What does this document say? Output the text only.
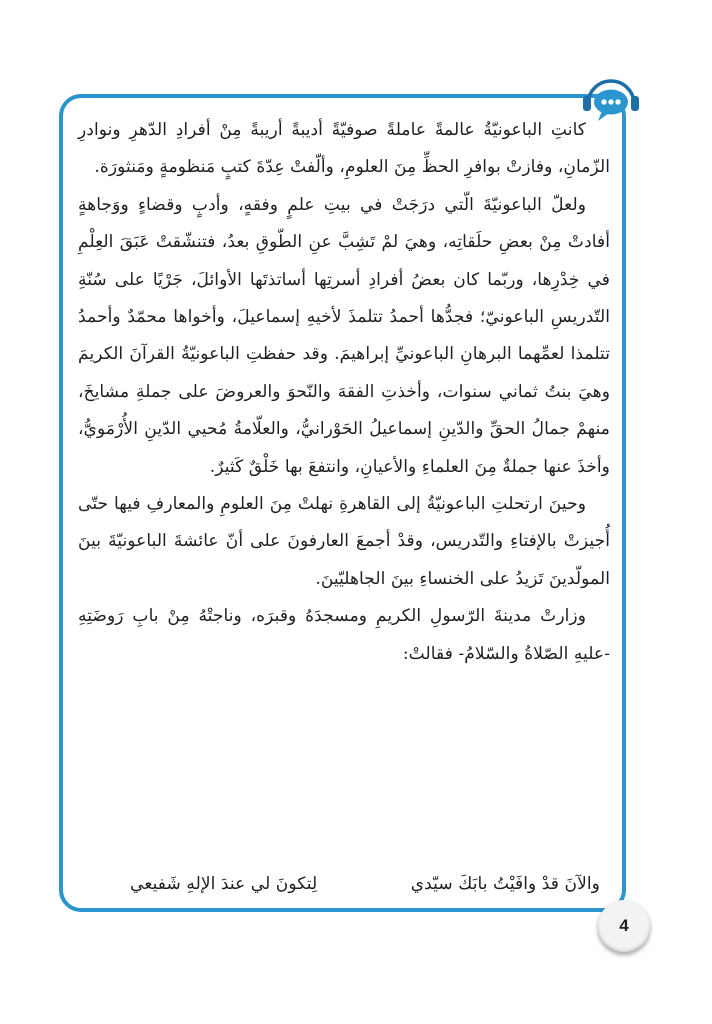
كانتِ الباعونيّةُ عالمةً عاملةً صوفيّةً أديبةً أريبةً مِنْ أفرادِ الدّهرِ ونوادرِ الزّمانِ، وفازتْ بوافرِ الحظِّ مِنَ العلومِ، وألّفتْ عِدّةَ كتبٍ مَنظومةٍ ومَنثورَة.

ولعلّ الباعونيّةَ الّتي درَجَتْ في بيتِ علمٍ وفقهٍ، وأدبٍ وقضاءٍ ووَجاهةٍ أفادتْ مِنْ بعضِ حلَقاتِه، وهيَ لمْ تَشِبَّ عنِ الطّوقِ بعدُ، فتنشّقتْ عَبَقَ العِلْمِ في خِدْرِها، وربّما كان بعضُ أفرادِ أسرتِها أساتذتَها الأوائلَ، جَرْيًا على سُنّةِ التّدريسِ الباعونيّ؛ فجدُّها أحمدُ تتلمذَ لأخيهِ إسماعيلَ، وأخواها محمّدٌ وأحمدُ تتلمذا لعمِّهما البرهانِ الباعونيِّ إبراهيمَ. وقد حفظتِ الباعونيّةُ القرآنَ الكريمَ وهيَ بنتُ ثماني سنوات، وأخذتِ الفقهَ والنّحوَ والعروضَ على جملةِ مشايخَ، منهمْ جمالُ الحقِّ والدّينِ إسماعيلُ الحَوْرانيُّ، والعلّامةُ مُحيي الدّينِ الأُرْمَويُّ، وأخذَ عنها جملةٌ مِنَ العلماءِ والأعيانِ، وانتفعَ بها خَلْقٌ كَثيرٌ.

وحينَ ارتحلتِ الباعونيّةُ إلى القاهرةِ نهلتْ مِنَ العلومِ والمعارفِ فيها حتّى أُجيزتْ بالإفتاءِ والتّدريس، وقدْ أجمعَ العارفونَ على أنّ عائشةَ الباعونيّةَ بينَ المولّدينَ تَزيدُ على الخنساءِ بينَ الجاهليّينَ.

وزارتْ مدينةَ الرّسولِ الكريمِ ومسجدَهُ وقبرَه، وناجتْهُ مِنْ بابِ رَوضَتِهِ -عليهِ الصّلاةُ والسّلامُ- فقالتْ:

والآنَ قدْ وافَيْتُ بابَكَ سيّدي
لِتكونَ لي عندَ الإلهِ شَفيعي
4
